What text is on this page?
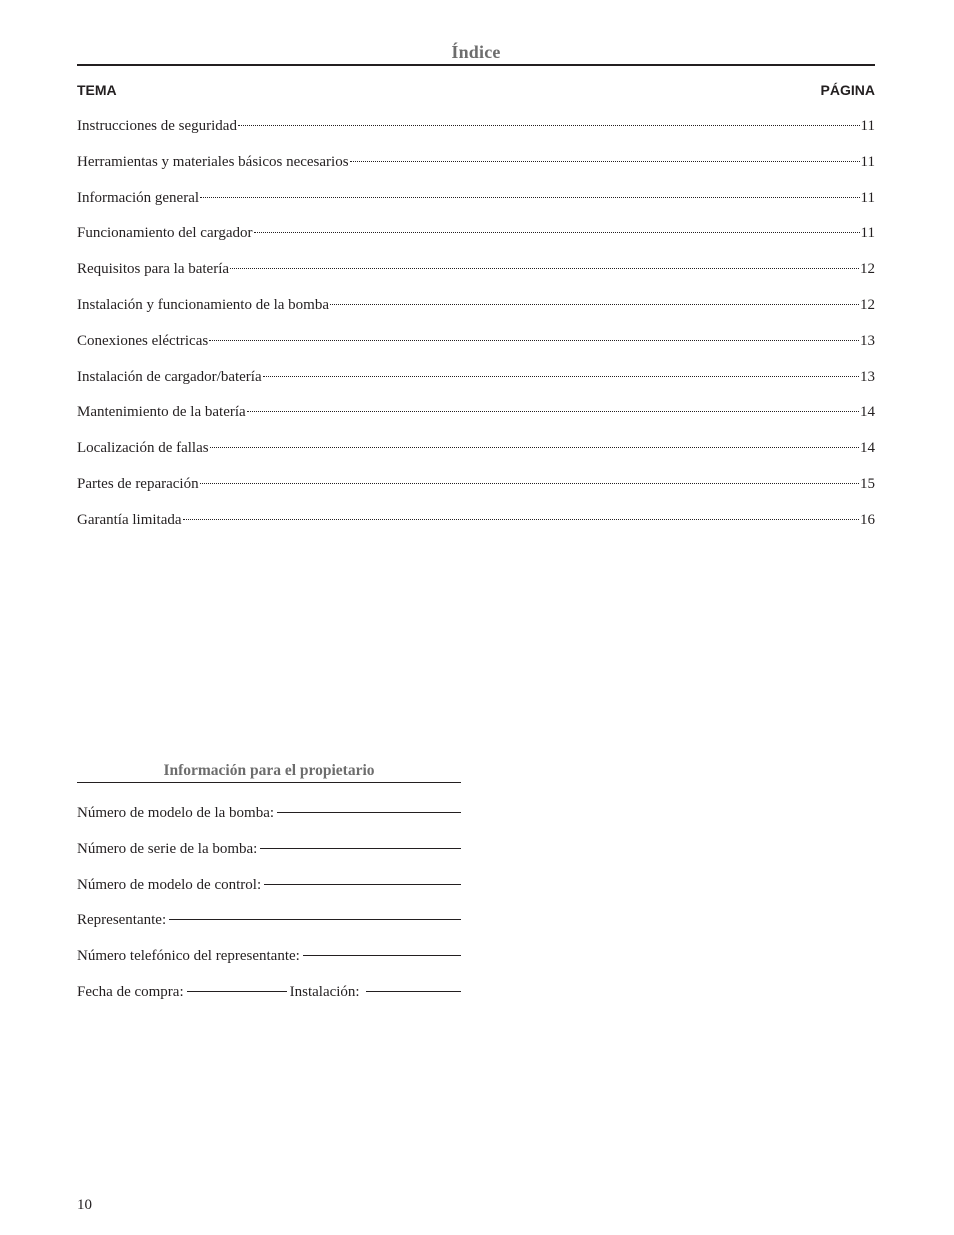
Índice
TEMA	PÁGINA
Instrucciones de seguridad	11
Herramientas y materiales básicos necesarios	11
Información general	11
Funcionamiento del cargador	11
Requisitos para la batería	12
Instalación y funcionamiento de la bomba	12
Conexiones eléctricas	13
Instalación de cargador/batería	13
Mantenimiento de la batería	14
Localización de fallas	14
Partes de reparación	15
Garantía limitada	16
Información para el propietario
Número de modelo de la bomba:
Número de serie de la bomba:
Número de modelo de control:
Representante:
Número telefónico del representante:
Fecha de compra:	Instalación:
10
